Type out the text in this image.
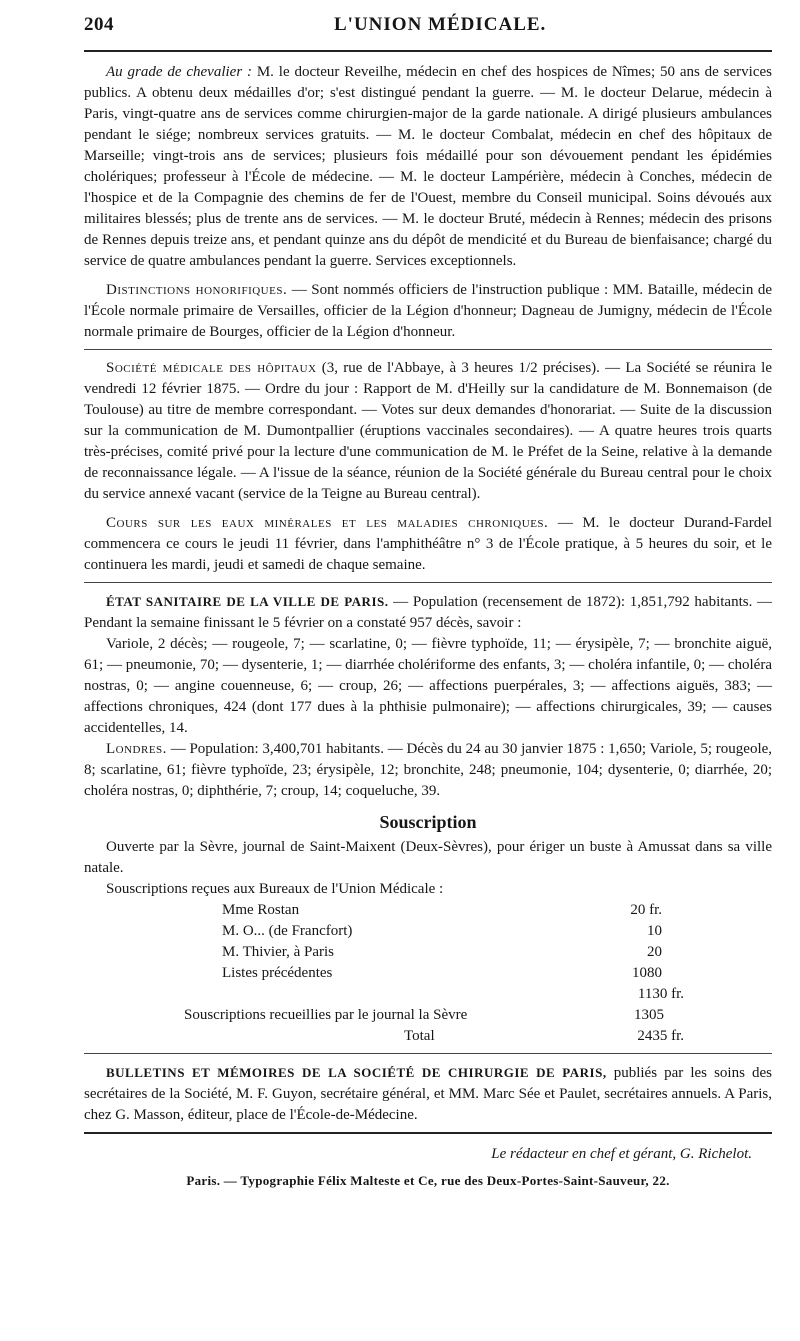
204	L'UNION MÉDICALE.

Au grade de chevalier : M. le docteur Reveilhe, médecin en chef des hospices de Nîmes; 50 ans de services publics. A obtenu deux médailles d'or; s'est distingué pendant la guerre. — M. le docteur Delarue, médecin à Paris, vingt-quatre ans de services comme chirurgien-major de la garde nationale. A dirigé plusieurs ambulances pendant le siége; nombreux services gratuits. — M. le docteur Combalat, médecin en chef des hôpitaux de Marseille; vingt-trois ans de services; plusieurs fois médaillé pour son dévouement pendant les épidémies cholériques; professeur à l'École de médecine. — M. le docteur Lampérière, médecin à Conches, médecin de l'hospice et de la Compagnie des chemins de fer de l'Ouest, membre du Conseil municipal. Soins dévoués aux militaires blessés; plus de trente ans de services. — M. le docteur Bruté, médecin à Rennes; médecin des prisons de Rennes depuis treize ans, et pendant quinze ans du dépôt de mendicité et du Bureau de bienfaisance; chargé du service de quatre ambulances pendant la guerre. Services exceptionnels.

Distinctions honorifiques. — Sont nommés officiers de l'instruction publique : MM. Bataille, médecin de l'École normale primaire de Versailles, officier de la Légion d'honneur; Dagneau de Jumigny, médecin de l'École normale primaire de Bourges, officier de la Légion d'honneur.

Société médicale des hôpitaux (3, rue de l'Abbaye, à 3 heures 1/2 précises). — La Société se réunira le vendredi 12 février 1875. — Ordre du jour : Rapport de M. d'Heilly sur la candidature de M. Bonnemaison (de Toulouse) au titre de membre correspondant. — Votes sur deux demandes d'honorariat. — Suite de la discussion sur la communication de M. Dumontpallier (éruptions vaccinales secondaires). — A quatre heures trois quarts très-précises, comité privé pour la lecture d'une communication de M. le Préfet de la Seine, relative à la demande de reconnaissance légale. — A l'issue de la séance, réunion de la Société générale du Bureau central pour le choix du service annexé vacant (service de la Teigne au Bureau central).

Cours sur les eaux minérales et les maladies chroniques. — M. le docteur Durand-Fardel commencera ce cours le jeudi 11 février, dans l'amphithéâtre n° 3 de l'École pratique, à 5 heures du soir, et le continuera les mardi, jeudi et samedi de chaque semaine.

ÉTAT SANITAIRE DE LA VILLE DE PARIS. — Population (recensement de 1872): 1,851,792 habitants. — Pendant la semaine finissant le 5 février on a constaté 957 décès, savoir :

Variole, 2 décès; — rougeole, 7; — scarlatine, 0; — fièvre typhoïde, 11; — érysipèle, 7; — bronchite aiguë, 61; — pneumonie, 70; — dysenterie, 1; — diarrhée cholériforme des enfants, 3; — choléra infantile, 0; — choléra nostras, 0; — angine couenneuse, 6; — croup, 26; — affections puerpérales, 3; — affections aiguës, 383; — affections chroniques, 424 (dont 177 dues à la phthisie pulmonaire); — affections chirurgicales, 39; — causes accidentelles, 14.

Londres. — Population: 3,400,701 habitants. — Décès du 24 au 30 janvier 1875 : 1,650; Variole, 5; rougeole, 8; scarlatine, 61; fièvre typhoïde, 23; érysipèle, 12; bronchite, 248; pneumonie, 104; dysenterie, 0; diarrhée, 20; choléra nostras, 0; diphthérie, 7; croup, 14; coqueluche, 39.

Souscription

Ouverte par la Sèvre, journal de Saint-Maixent (Deux-Sèvres), pour ériger un buste à Amussat dans sa ville natale.

Souscriptions reçues aux Bureaux de l'Union Médicale :

Mme Rostan	20 fr.
M. O... (de Francfort)	10
M. Thivier, à Paris	20
Listes précédentes	1080
1130 fr.
Souscriptions recueillies par le journal la Sèvre	1305
Total	2435 fr.

BULLETINS ET MÉMOIRES DE LA SOCIÉTÉ DE CHIRURGIE DE PARIS, publiés par les soins des secrétaires de la Société, M. F. Guyon, secrétaire général, et MM. Marc Sée et Paulet, secrétaires annuels. A Paris, chez G. Masson, éditeur, place de l'École-de-Médecine.

Le rédacteur en chef et gérant, G. Richelot.
Paris. — Typographie Félix Malteste et Ce, rue des Deux-Portes-Saint-Sauveur, 22.
